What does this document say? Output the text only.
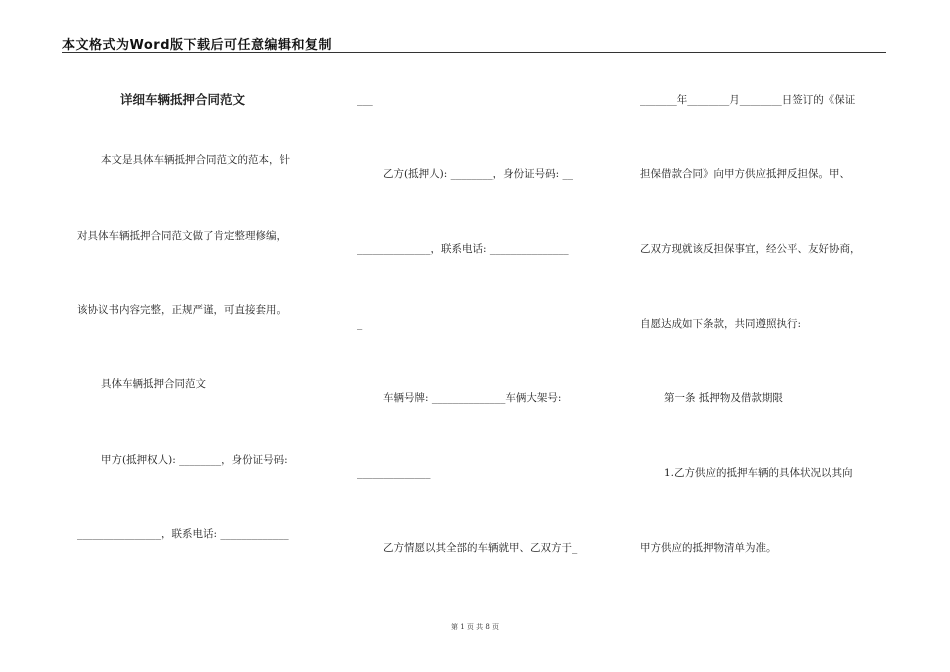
本文格式为Word版下载后可任意编辑和复制
详细车辆抵押合同范文
本文是具体车辆抵押合同范文的范本，针
对具体车辆抵押合同范文做了肯定整理修编，
该协议书内容完整，正规严谨，可直接套用。
具体车辆抵押合同范文
甲方(抵押权人): ________，身份证号码:
________________，联系电话: _____________
___
乙方(抵押人): ________，身份证号码: __
______________，联系电话: _______________
_
车辆号牌: ______________车俩大架号:
______________
乙方情愿以其全部的车辆就甲、乙双方于_
_______年________月________日签订的《保证
担保借款合同》向甲方供应抵押反担保。甲、
乙双方现就该反担保事宜，经公平、友好协商，
自愿达成如下条款，共同遵照执行:
第一条 抵押物及借款期限
1.乙方供应的抵押车辆的具体状况以其向
甲方供应的抵押物清单为准。
第 1 页 共 8 页
